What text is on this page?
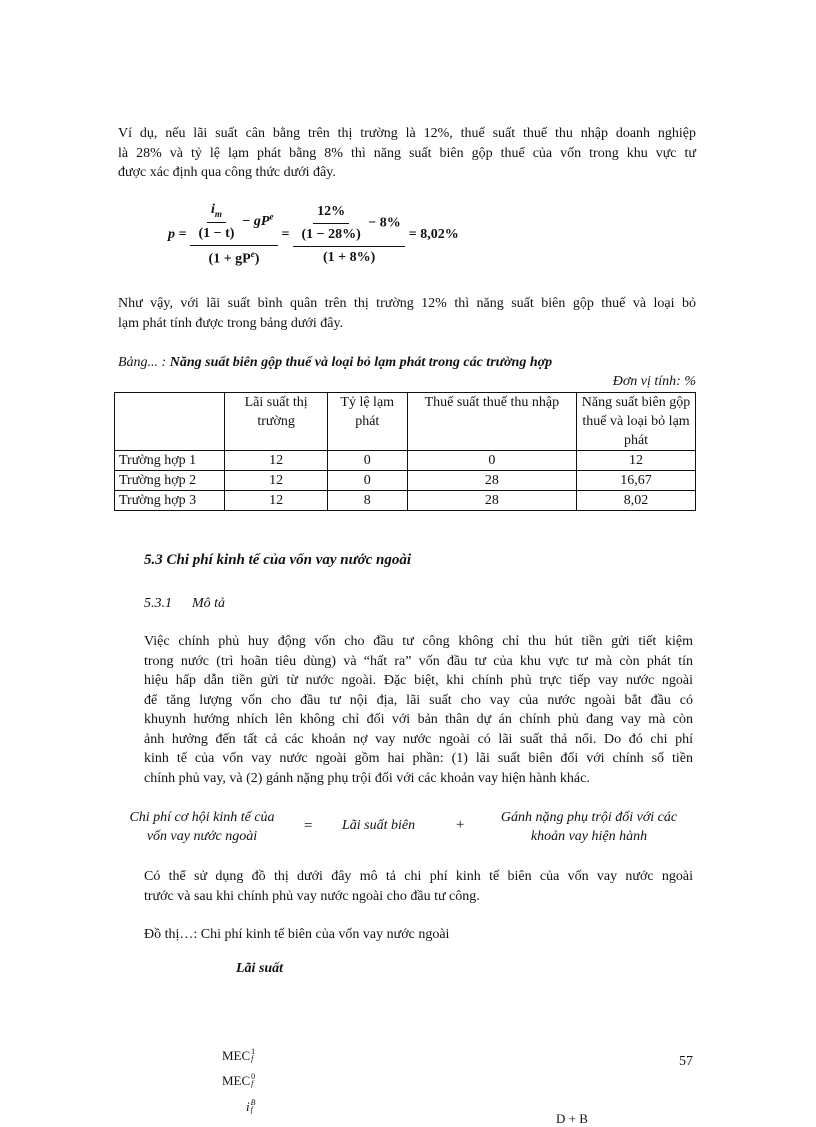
Ví dụ, nếu lãi suất cân bằng trên thị trường là 12%, thuế suất thuế thu nhập doanh nghiệp
là 28% và tỷ lệ lạm phát bằng 8% thì năng suất biên gộp thuế của vốn trong khu vực tư
được xác định qua công thức dưới đây.
$p = \frac{\frac{i_m}{(1 - t)} - gP^e}{(1 + gP^e)} = \frac{\frac{12\%}{(1 - 28\%)} - 8\%}{(1 + 8\%)} = 8,02\%$
Như vậy, với lãi suất bình quân trên thị trường 12% thì năng suất biên gộp thuế và loại bỏ
lạm phát tính được trong bảng dưới đây.
Bảng... : Năng suất biên gộp thuế và loại bỏ lạm phát trong các trường hợp
Đơn vị tính: %
	Lãi suất thị trường	Tỷ lệ lạm phát	Thuế suất thuế thu nhập	Năng suất biên gộp thuế và loại bỏ lạm phát
Trường hợp 1	12	0	0	12
Trường hợp 2	12	0	28	16,67
Trường hợp 3	12	8	28	8,02
5.3 Chi phí kinh tế của vốn vay nước ngoài
5.3.1 Mô tả
Việc chính phủ huy động vốn cho đầu tư công không chỉ thu hút tiền gửi tiết kiệm
trong nước (trì hoãn tiêu dùng) và “hất ra” vốn đầu tư của khu vực tư mà còn phát tín
hiệu hấp dẫn tiền gửi từ nước ngoài. Đặc biệt, khi chính phủ trực tiếp vay nước ngoài
để tăng lượng vốn cho đầu tư nội địa, lãi suất cho vay của nước ngoài bắt đầu có
khuynh hướng nhích lên không chỉ đối với bản thân dự án chính phủ đang vay mà còn
ảnh hưởng đến tất cả các khoản nợ vay nước ngoài có lãi suất thả nổi. Do đó chi phí
kinh tế của vốn vay nước ngoài gồm hai phần: (1) lãi suất biên đối với chính số tiền
chính phủ vay, và (2) gánh nặng phụ trội đối với các khoản vay hiện hành khác.
Chi phí cơ hội kinh tế của
vốn vay nước ngoài
= Lãi suất biên	+	Gánh nặng phụ trội đối với các
khoản vay hiện hành
Có thể sử dụng đồ thị dưới đây mô tả chi phí kinh tế biên của vốn vay nước ngoài
trước và sau khi chính phủ vay nước ngoài cho đầu tư công.
Đồ thị…: Chi phí kinh tế biên của vốn vay nước ngoài
Lãi suất
MEC 1
f
MEC 0
f
i B
f
D + B
57
